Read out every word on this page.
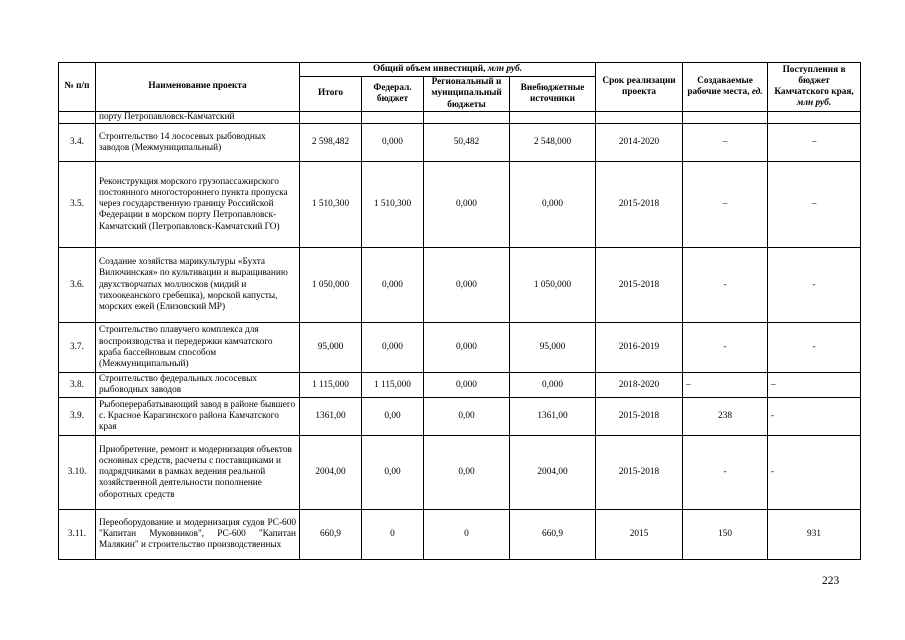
№ п/п	Наименование проекта	Общий объем инвестиций, млн руб.				Срок реализации проекта	Создаваемые рабочие места, ед.	Поступления в бюджет Камчатского края, млн руб.
		Итого	Федерал. бюджет	Региональный и муниципальный бюджеты	Внебюджетные источники			
	порту Петропавловск-Камчатский							
3.4.	Строительство 14 лососевых рыбоводных заводов (Межмуниципальный)	2 598,482	0,000	50,482	2 548,000	2014-2020	–	–
3.5.	Реконструкция морского грузопассажирского постоянного многостороннего пункта пропуска через государственную границу Российской Федерации в морском порту Петропавловск-Камчатский (Петропавловск-Камчатский ГО)	1 510,300	1 510,300	0,000	0,000	2015-2018	–	–
3.6.	Создание хозяйства марикультуры «Бухта Вилючинская» по культивации и выращиванию двухстворчатых моллюсков (мидий и тихоокеанского гребешка), морской капусты, морских ежей (Елизовский МР)	1 050,000	0,000	0,000	1 050,000	2015-2018	-	-
3.7.	Строительство плавучего комплекса для воспроизводства и передержки камчатского краба бассейновым способом (Межмуниципальный)	95,000	0,000	0,000	95,000	2016-2019	-	-
3.8.	Строительство федеральных лососевых рыбоводных заводов	1 115,000	1 115,000	0,000	0,000	2018-2020	–	–
3.9.	Рыбоперерабатывающий завод в районе бывшего с. Красное Карагинского района Камчатского края	1361,00	0,00	0,00	1361,00	2015-2018	238	-
3.10.	Приобретение, ремонт и модернизация объектов основных средств, расчеты с поставщиками и подрядчиками в рамках ведения реальной хозяйственной деятельности пополнение оборотных средств	2004,00	0,00	0,00	2004,00	2015-2018	-	-
3.11.	Переоборудование и модернизация судов РС-600 "Капитан Муковников", РС-600 "Капитан Малякин" и строительство производственных	660,9	0	0	660,9	2015	150	931
223
